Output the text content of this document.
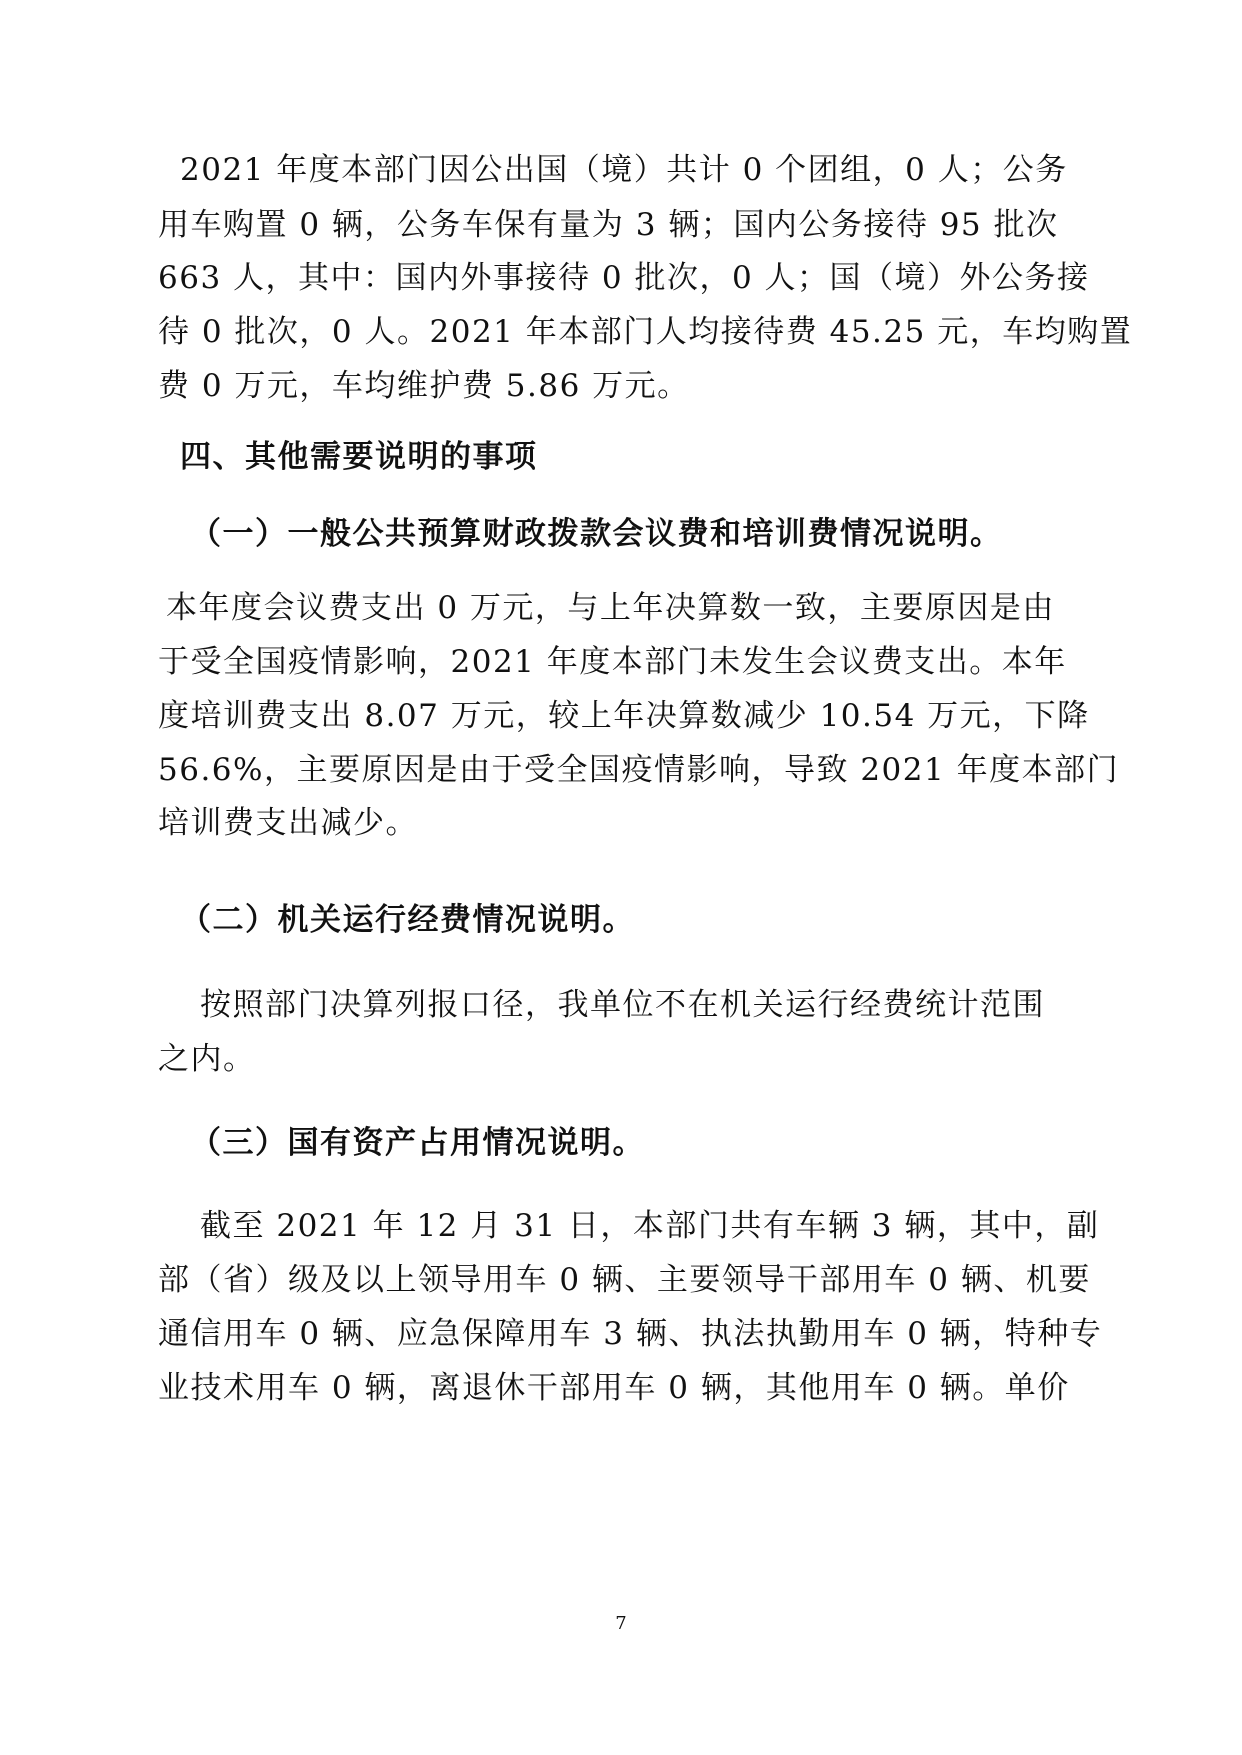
2021 年度本部门因公出国（境）共计 0 个团组，0 人；公务
用车购置 0 辆，公务车保有量为 3 辆；国内公务接待 95 批次
663 人，其中：国内外事接待 0 批次，0 人；国（境）外公务接
待 0 批次，0 人。2021 年本部门人均接待费 45.25 元，车均购置
费 0 万元，车均维护费 5.86 万元。
四、其他需要说明的事项
（一）一般公共预算财政拨款会议费和培训费情况说明。
本年度会议费支出 0 万元，与上年决算数一致，主要原因是由
于受全国疫情影响，2021 年度本部门未发生会议费支出。本年
度培训费支出 8.07 万元，较上年决算数减少 10.54 万元，下降
56.6%，主要原因是由于受全国疫情影响，导致 2021 年度本部门
培训费支出减少。
（二）机关运行经费情况说明。
按照部门决算列报口径，我单位不在机关运行经费统计范围
之内。
（三）国有资产占用情况说明。
截至 2021 年 12 月 31 日，本部门共有车辆 3 辆，其中，副
部（省）级及以上领导用车 0 辆、主要领导干部用车 0 辆、机要
通信用车 0 辆、应急保障用车 3 辆、执法执勤用车 0 辆，特种专
业技术用车 0 辆，离退休干部用车 0 辆，其他用车 0 辆。单价
7
